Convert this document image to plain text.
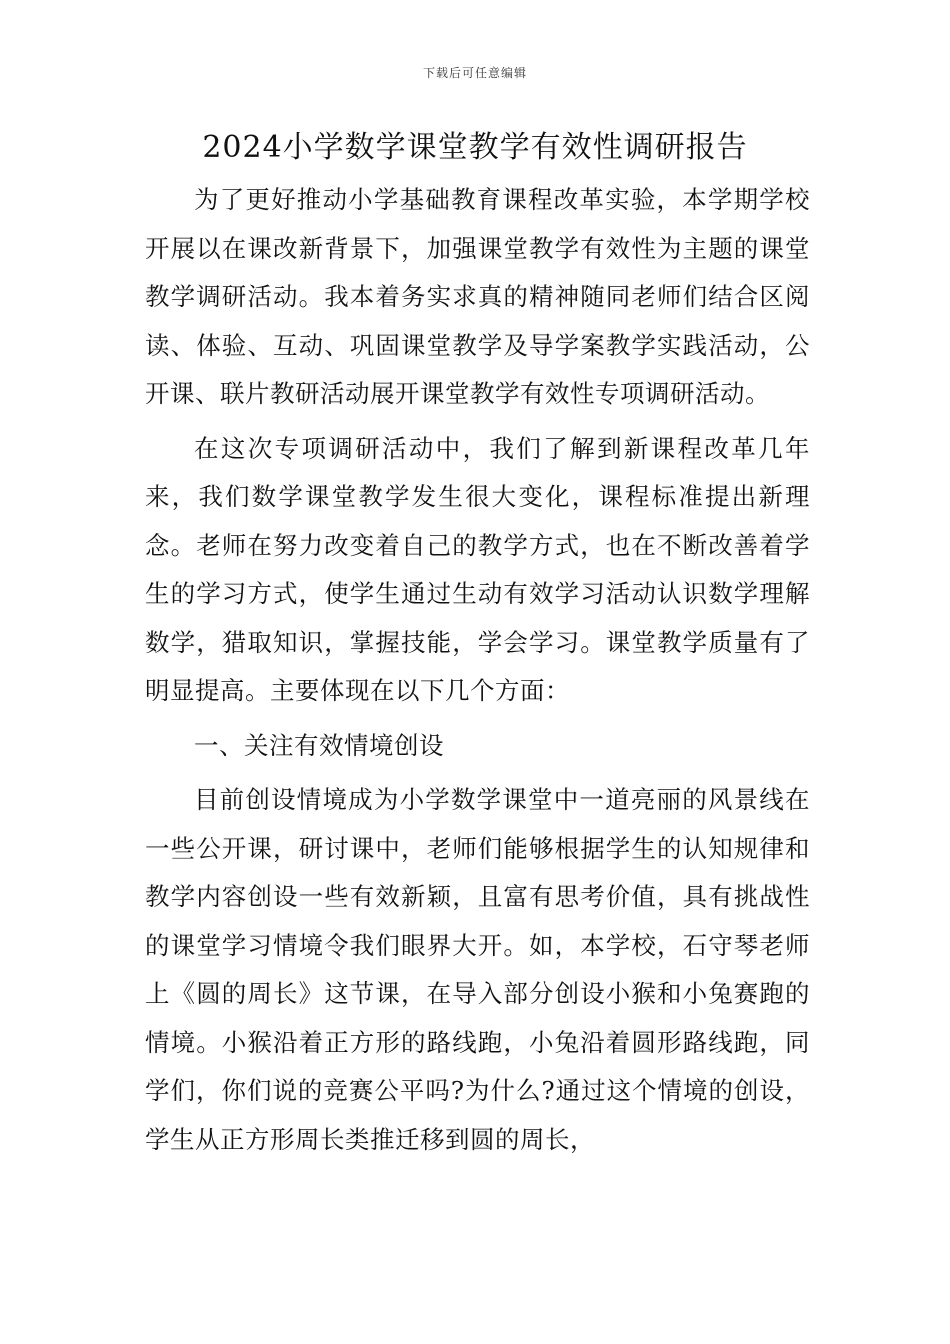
下载后可任意编辑
2024小学数学课堂教学有效性调研报告

为了更好推动小学基础教育课程改革实验，本学期学校开展以在课改新背景下，加强课堂教学有效性为主题的课堂教学调研活动。我本着务实求真的精神随同老师们结合区阅读、体验、互动、巩固课堂教学及导学案教学实践活动，公开课、联片教研活动展开课堂教学有效性专项调研活动。

在这次专项调研活动中，我们了解到新课程改革几年来，我们数学课堂教学发生很大变化，课程标准提出新理念。老师在努力改变着自己的教学方式，也在不断改善着学生的学习方式，使学生通过生动有效学习活动认识数学理解数学，猎取知识，掌握技能，学会学习。课堂教学质量有了明显提高。主要体现在以下几个方面：

一、关注有效情境创设

目前创设情境成为小学数学课堂中一道亮丽的风景线在一些公开课，研讨课中，老师们能够根据学生的认知规律和教学内容创设一些有效新颖，且富有思考价值，具有挑战性的课堂学习情境令我们眼界大开。如，本学校，石守琴老师上《圆的周长》这节课，在导入部分创设小猴和小兔赛跑的情境。小猴沿着正方形的路线跑，小兔沿着圆形路线跑，同学们，你们说的竞赛公平吗?为什么?通过这个情境的创设，学生从正方形周长类推迁移到圆的周长，
